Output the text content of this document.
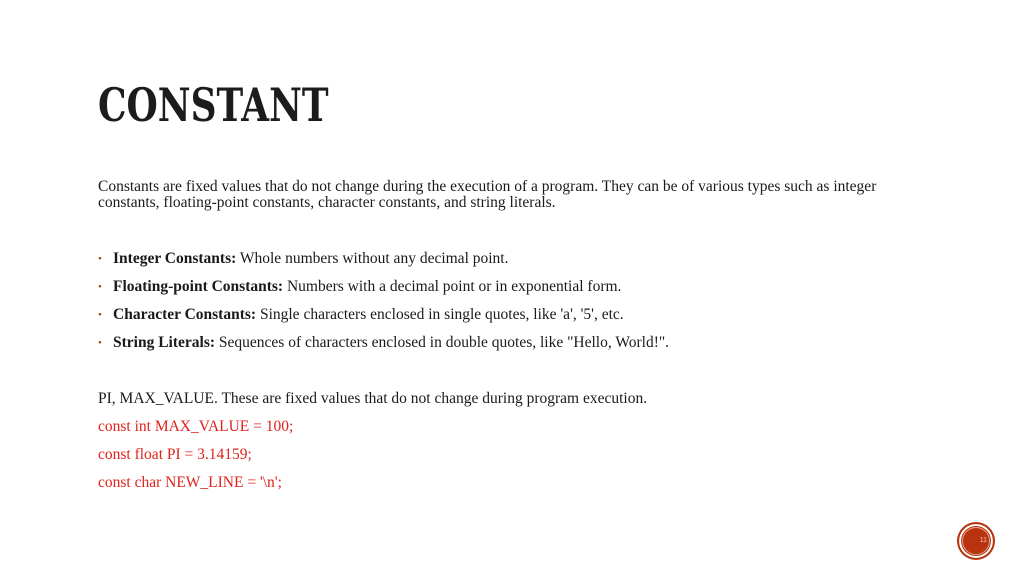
CONSTANT

Constants are fixed values that do not change during the execution of a program. They can be of various types such as integer constants, floating-point constants, character constants, and string literals.

• Integer Constants: Whole numbers without any decimal point.
• Floating-point Constants: Numbers with a decimal point or in exponential form.
• Character Constants: Single characters enclosed in single quotes, like 'a', '5', etc.
• String Literals: Sequences of characters enclosed in double quotes, like "Hello, World!".
PI, MAX_VALUE. These are fixed values that do not change during program execution.
const int MAX_VALUE = 100;
const float PI = 3.14159;
const char NEW_LINE = '\n';
11
